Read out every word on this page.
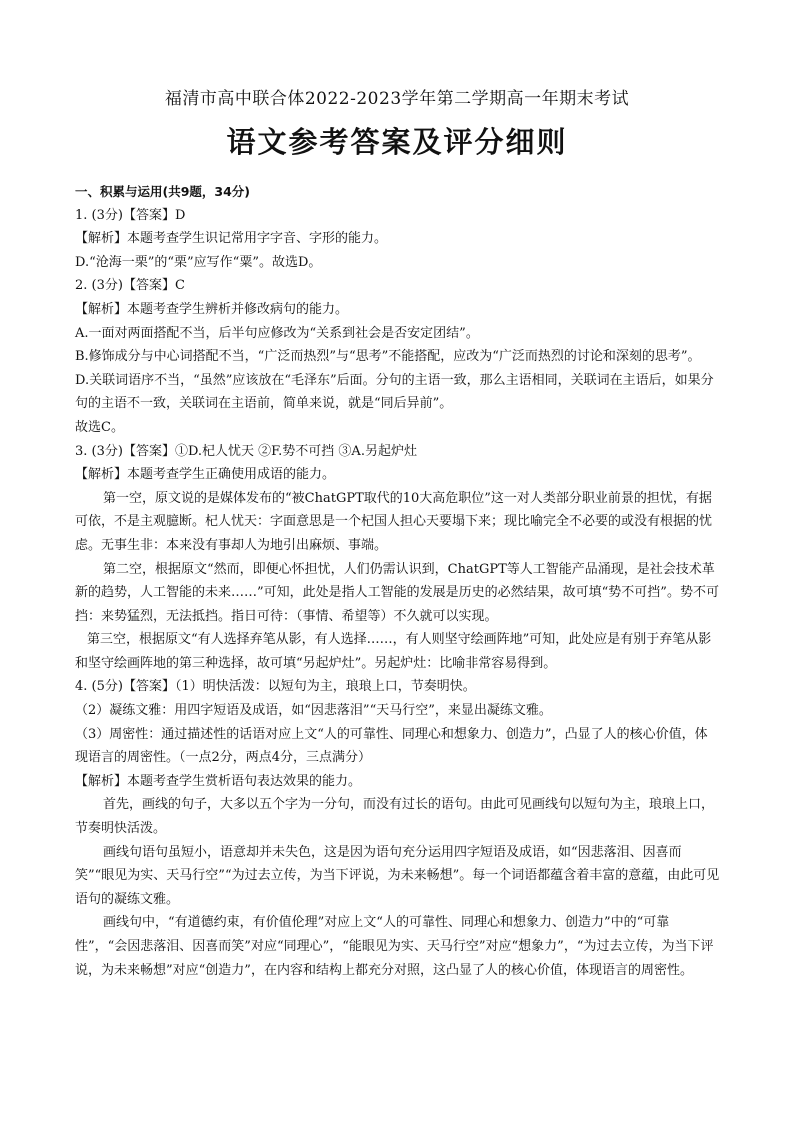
福清市高中联合体2022-2023学年第二学期高一年期末考试
语文参考答案及评分细则

一、积累与运用(共9题，34分)

1. (3分)【答案】D

【解析】本题考查学生识记常用字字音、字形的能力。

D.“沧海一栗”的“栗”应写作“粟”。故选D。

2. (3分)【答案】C

【解析】本题考查学生辨析并修改病句的能力。

A.一面对两面搭配不当，后半句应修改为“关系到社会是否安定团结”。

B.修饰成分与中心词搭配不当，“广泛而热烈”与“思考”不能搭配，应改为“广泛而热烈的讨论和深刻的思考”。

D.关联词语序不当，“虽然”应该放在“毛泽东”后面。分句的主语一致，那么主语相同，关联词在主语后，如果分句的主语不一致，关联词在主语前，简单来说，就是“同后异前”。

故选C。

3. (3分)【答案】①D.杞人忧天 ②F.势不可挡 ③A.另起炉灶

【解析】本题考查学生正确使用成语的能力。

第一空，原文说的是媒体发布的“被ChatGPT取代的10大高危职位”这一对人类部分职业前景的担忧，有据可依，不是主观臆断。杞人忧天：字面意思是一个杞国人担心天要塌下来；现比喻完全不必要的或没有根据的忧虑。无事生非：本来没有事却人为地引出麻烦、事端。

第二空，根据原文“然而，即便心怀担忧，人们仍需认识到，ChatGPT等人工智能产品涌现，是社会技术革新的趋势，人工智能的未来……”可知，此处是指人工智能的发展是历史的必然结果，故可填“势不可挡”。势不可挡：来势猛烈，无法抵挡。指日可待：（事情、希望等）不久就可以实现。

第三空，根据原文“有人选择弃笔从影，有人选择……，有人则坚守绘画阵地”可知，此处应是有别于弃笔从影和坚守绘画阵地的第三种选择，故可填“另起炉灶”。另起炉灶：比喻非常容易得到。

4. (5分)【答案】（1）明快活泼：以短句为主，琅琅上口，节奏明快。

（2）凝练文雅：用四字短语及成语，如“因悲落泪”“天马行空”，来显出凝练文雅。

（3）周密性：通过描述性的话语对应上文“人的可靠性、同理心和想象力、创造力”，凸显了人的核心价值，体现语言的周密性。（一点2分，两点4分，三点满分）

【解析】本题考查学生赏析语句表达效果的能力。

首先，画线的句子，大多以五个字为一分句，而没有过长的语句。由此可见画线句以短句为主，琅琅上口，节奏明快活泼。

画线句语句虽短小，语意却并未失色，这是因为语句充分运用四字短语及成语，如“因悲落泪、因喜而笑”“眼见为实、天马行空”“为过去立传，为当下评说，为未来畅想”。每一个词语都蕴含着丰富的意蕴，由此可见语句的凝练文雅。

画线句中，“有道德约束，有价值伦理”对应上文“人的可靠性、同理心和想象力、创造力”中的“可靠性”，“会因悲落泪、因喜而笑”对应“同理心”，“能眼见为实、天马行空”对应“想象力”，“为过去立传，为当下评说，为未来畅想”对应“创造力”，在内容和结构上都充分对照，这凸显了人的核心价值，体现语言的周密性。
